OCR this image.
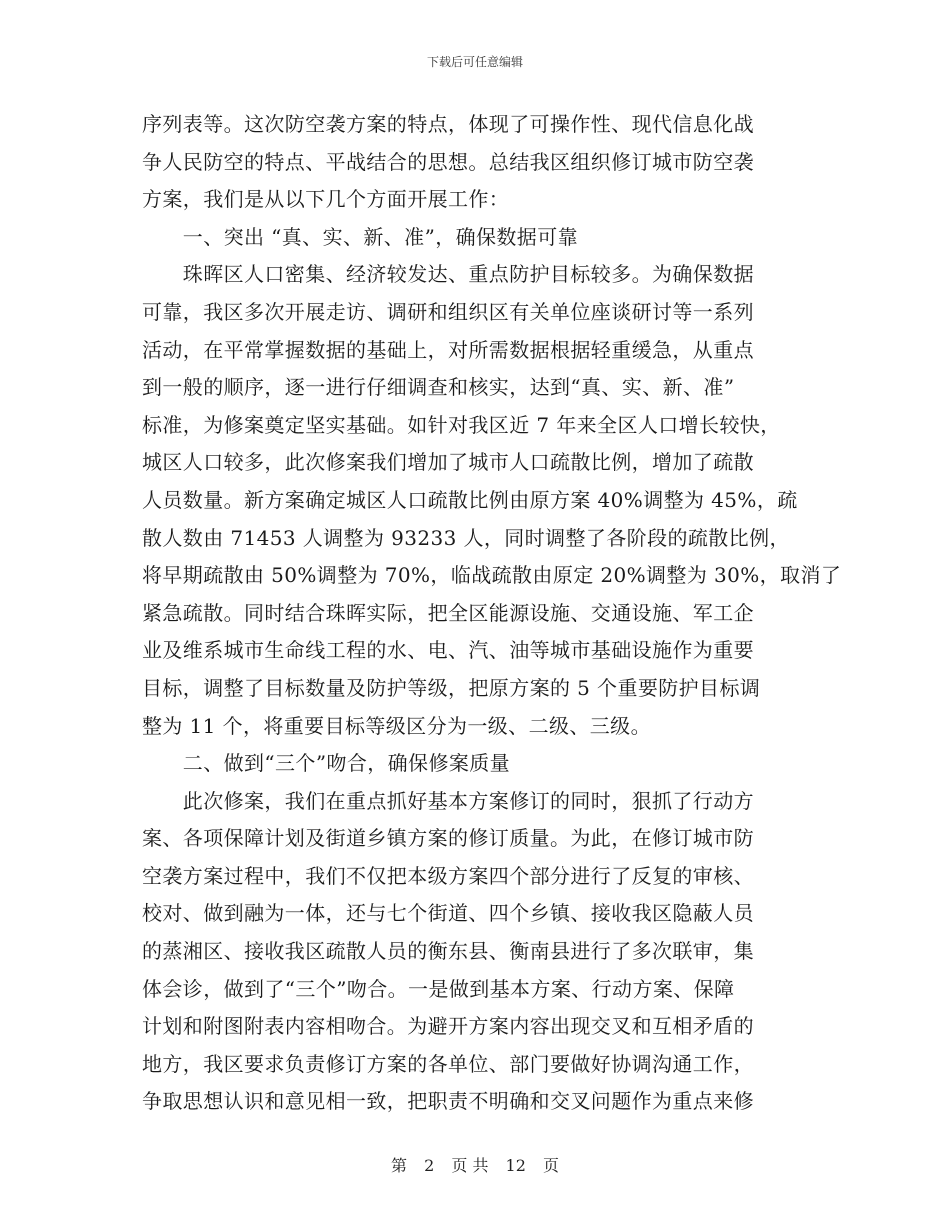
下载后可任意编辑
序列表等。这次防空袭方案的特点，体现了可操作性、现代信息化战
争人民防空的特点、平战结合的思想。总结我区组织修订城市防空袭
方案，我们是从以下几个方面开展工作：
　　一、突出 “真、实、新、准”，确保数据可靠
　　珠晖区人口密集、经济较发达、重点防护目标较多。为确保数据
可靠，我区多次开展走访、调研和组织区有关单位座谈研讨等一系列
活动，在平常掌握数据的基础上，对所需数据根据轻重缓急，从重点
到一般的顺序，逐一进行仔细调查和核实，达到“真、实、新、准”
标准，为修案奠定坚实基础。如针对我区近 7 年来全区人口增长较快，
城区人口较多，此次修案我们增加了城市人口疏散比例，增加了疏散
人员数量。新方案确定城区人口疏散比例由原方案 40%调整为 45%，疏
散人数由 71453 人调整为 93233 人，同时调整了各阶段的疏散比例，
将早期疏散由 50%调整为 70%，临战疏散由原定 20%调整为 30%，取消了
紧急疏散。同时结合珠晖实际，把全区能源设施、交通设施、军工企
业及维系城市生命线工程的水、电、汽、油等城市基础设施作为重要
目标，调整了目标数量及防护等级，把原方案的 5 个重要防护目标调
整为 11 个，将重要目标等级区分为一级、二级、三级。
　　二、做到“三个”吻合，确保修案质量
　　此次修案，我们在重点抓好基本方案修订的同时，狠抓了行动方
案、各项保障计划及街道乡镇方案的修订质量。为此，在修订城市防
空袭方案过程中，我们不仅把本级方案四个部分进行了反复的审核、
校对、做到融为一体，还与七个街道、四个乡镇、接收我区隐蔽人员
的蒸湘区、接收我区疏散人员的衡东县、衡南县进行了多次联审，集
体会诊，做到了“三个”吻合。一是做到基本方案、行动方案、保障
计划和附图附表内容相吻合。为避开方案内容出现交叉和互相矛盾的
地方，我区要求负责修订方案的各单位、部门要做好协调沟通工作，
争取思想认识和意见相一致，把职责不明确和交叉问题作为重点来修
第 2 页 共 12 页
